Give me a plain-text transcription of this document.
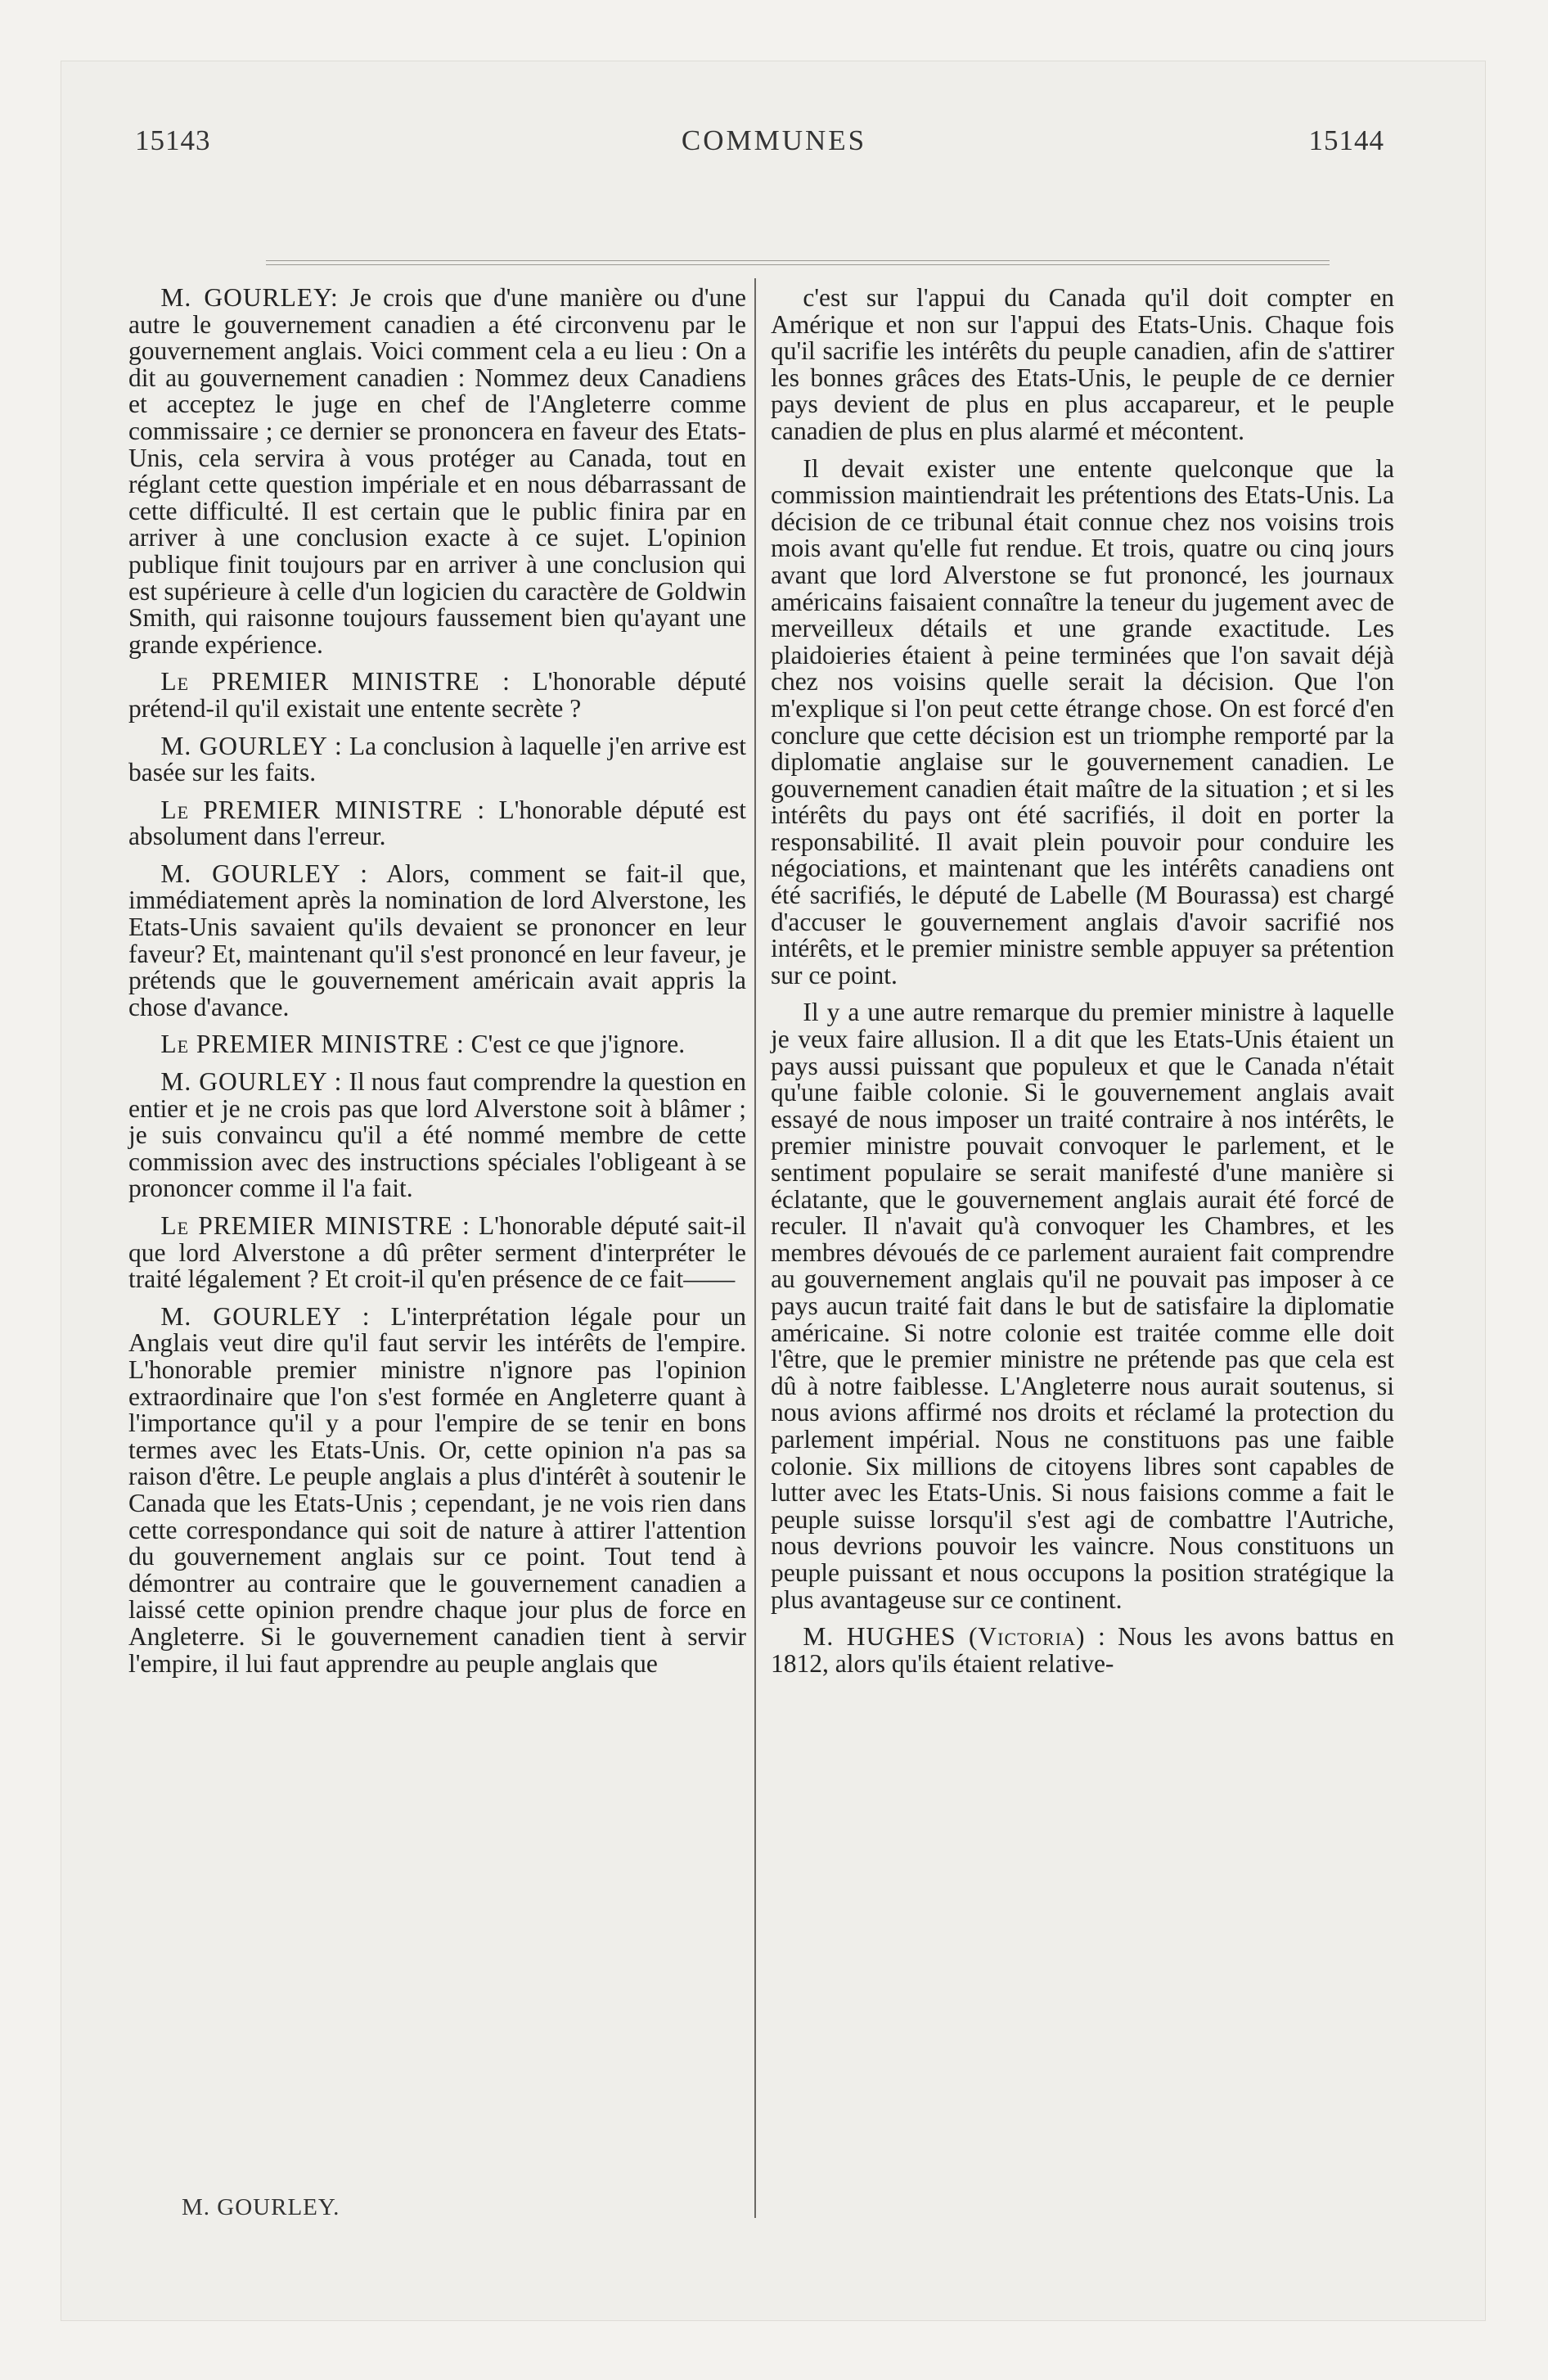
15143	COMMUNES	15144

M. GOURLEY: Je crois que d'une manière ou d'une autre le gouvernement canadien a été circonvenu par le gouvernement anglais. Voici comment cela a eu lieu : On a dit au gouvernement canadien : Nommez deux Canadiens et acceptez le juge en chef de l'Angleterre comme commissaire ; ce dernier se prononcera en faveur des Etats-Unis, cela servira à vous protéger au Canada, tout en réglant cette question impériale et en nous débarrassant de cette difficulté. Il est certain que le public finira par en arriver à une conclusion exacte à ce sujet. L'opinion publique finit toujours par en arriver à une conclusion qui est supérieure à celle d'un logicien du caractère de Goldwin Smith, qui raisonne toujours faussement bien qu'ayant une grande expérience.

Le PREMIER MINISTRE : L'honorable député prétend-il qu'il existait une entente secrète ?

M. GOURLEY : La conclusion à laquelle j'en arrive est basée sur les faits.

Le PREMIER MINISTRE : L'honorable député est absolument dans l'erreur.

M. GOURLEY : Alors, comment se fait-il que, immédiatement après la nomination de lord Alverstone, les Etats-Unis savaient qu'ils devaient se prononcer en leur faveur? Et, maintenant qu'il s'est prononcé en leur faveur, je prétends que le gouvernement américain avait appris la chose d'avance.

Le PREMIER MINISTRE : C'est ce que j'ignore.

M. GOURLEY : Il nous faut comprendre la question en entier et je ne crois pas que lord Alverstone soit à blâmer ; je suis convaincu qu'il a été nommé membre de cette commission avec des instructions spéciales l'obligeant à se prononcer comme il l'a fait.

Le PREMIER MINISTRE : L'honorable député sait-il que lord Alverstone a dû prêter serment d'interpréter le traité légalement ? Et croit-il qu'en présence de ce fait——

M. GOURLEY : L'interprétation légale pour un Anglais veut dire qu'il faut servir les intérêts de l'empire. L'honorable premier ministre n'ignore pas l'opinion extraordinaire que l'on s'est formée en Angleterre quant à l'importance qu'il y a pour l'empire de se tenir en bons termes avec les Etats-Unis. Or, cette opinion n'a pas sa raison d'être. Le peuple anglais a plus d'intérêt à soutenir le Canada que les Etats-Unis ; cependant, je ne vois rien dans cette correspondance qui soit de nature à attirer l'attention du gouvernement anglais sur ce point. Tout tend à démontrer au contraire que le gouvernement canadien a laissé cette opinion prendre chaque jour plus de force en Angleterre. Si le gouvernement canadien tient à servir l'empire, il lui faut apprendre au peuple anglais que

c'est sur l'appui du Canada qu'il doit compter en Amérique et non sur l'appui des Etats-Unis. Chaque fois qu'il sacrifie les intérêts du peuple canadien, afin de s'attirer les bonnes grâces des Etats-Unis, le peuple de ce dernier pays devient de plus en plus accapareur, et le peuple canadien de plus en plus alarmé et mécontent.

Il devait exister une entente quelconque que la commission maintiendrait les prétentions des Etats-Unis. La décision de ce tribunal était connue chez nos voisins trois mois avant qu'elle fut rendue. Et trois, quatre ou cinq jours avant que lord Alverstone se fut prononcé, les journaux américains faisaient connaître la teneur du jugement avec de merveilleux détails et une grande exactitude. Les plaidoieries étaient à peine terminées que l'on savait déjà chez nos voisins quelle serait la décision. Que l'on m'explique si l'on peut cette étrange chose. On est forcé d'en conclure que cette décision est un triomphe remporté par la diplomatie anglaise sur le gouvernement canadien. Le gouvernement canadien était maître de la situation ; et si les intérêts du pays ont été sacrifiés, il doit en porter la responsabilité. Il avait plein pouvoir pour conduire les négociations, et maintenant que les intérêts canadiens ont été sacrifiés, le député de Labelle (M Bourassa) est chargé d'accuser le gouvernement anglais d'avoir sacrifié nos intérêts, et le premier ministre semble appuyer sa prétention sur ce point.

Il y a une autre remarque du premier ministre à laquelle je veux faire allusion. Il a dit que les Etats-Unis étaient un pays aussi puissant que populeux et que le Canada n'était qu'une faible colonie. Si le gouvernement anglais avait essayé de nous imposer un traité contraire à nos intérêts, le premier ministre pouvait convoquer le parlement, et le sentiment populaire se serait manifesté d'une manière si éclatante, que le gouvernement anglais aurait été forcé de reculer. Il n'avait qu'à convoquer les Chambres, et les membres dévoués de ce parlement auraient fait comprendre au gouvernement anglais qu'il ne pouvait pas imposer à ce pays aucun traité fait dans le but de satisfaire la diplomatie américaine. Si notre colonie est traitée comme elle doit l'être, que le premier ministre ne prétende pas que cela est dû à notre faiblesse. L'Angleterre nous aurait soutenus, si nous avions affirmé nos droits et réclamé la protection du parlement impérial. Nous ne constituons pas une faible colonie. Six millions de citoyens libres sont capables de lutter avec les Etats-Unis. Si nous faisions comme a fait le peuple suisse lorsqu'il s'est agi de combattre l'Autriche, nous devrions pouvoir les vaincre. Nous constituons un peuple puissant et nous occupons la position stratégique la plus avantageuse sur ce continent.

M. HUGHES (Victoria) : Nous les avons battus en 1812, alors qu'ils étaient relative-

M. GOURLEY.
